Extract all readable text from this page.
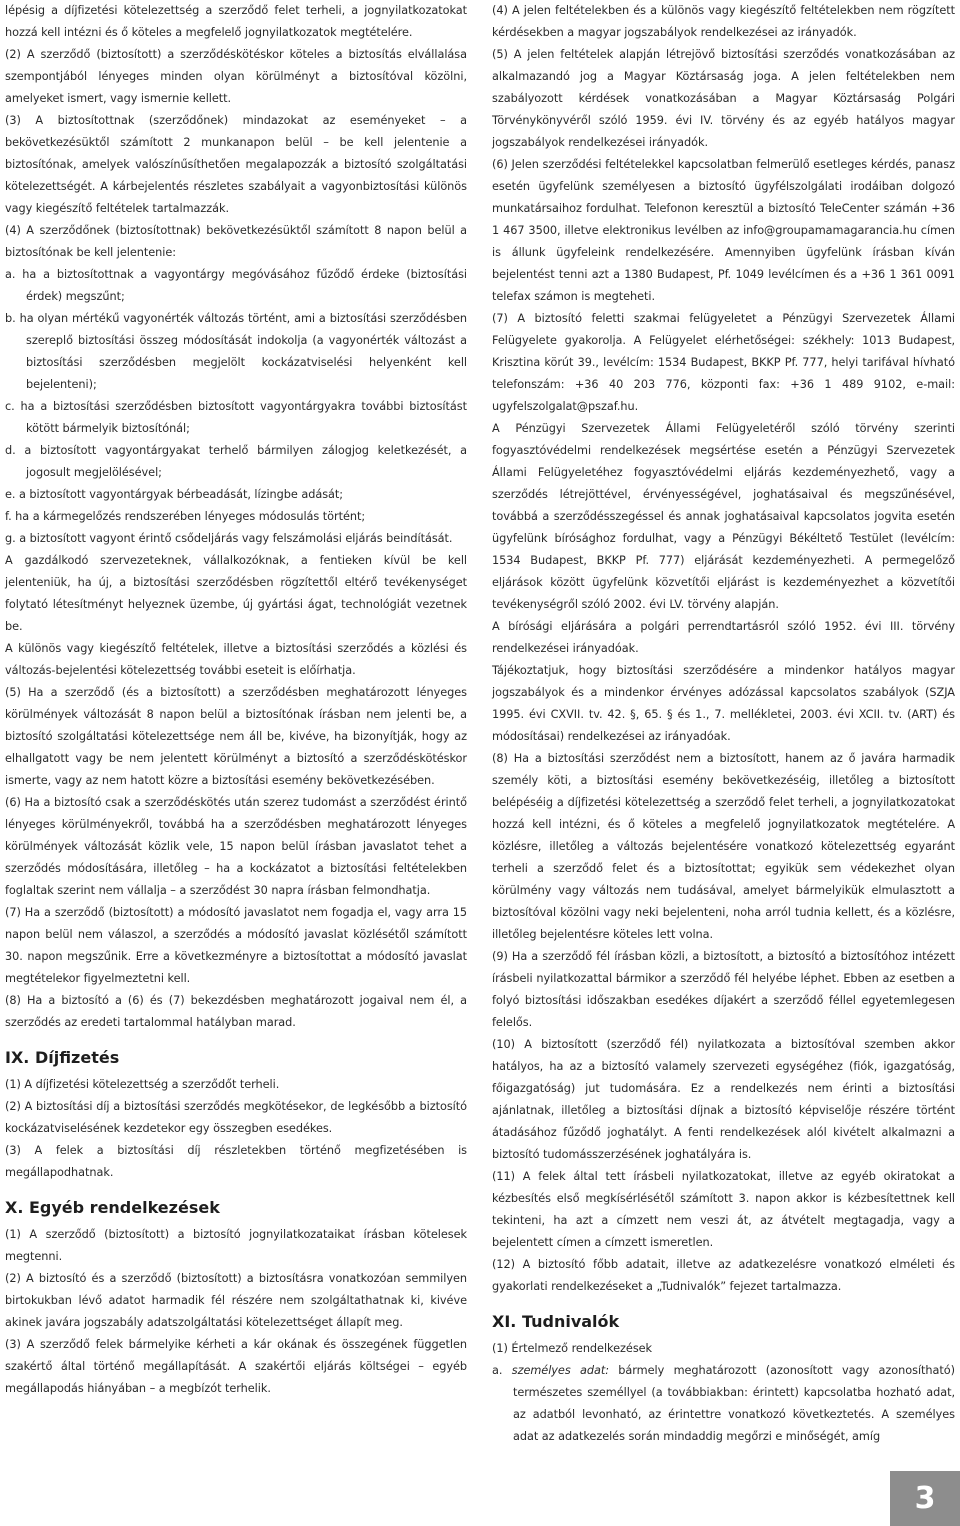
lépésig a díjfizetési kötelezettség a szerződő felet terheli, a jognyilatkozatokat hozzá kell intézni és ő köteles a megfelelő jognyilatkozatok megtételére.

(2) A szerződő (biztosított) a szerződéskötéskor köteles a biztosítás elvállalása szempontjából lényeges minden olyan körülményt a biztosítóval közölni, amelyeket ismert, vagy ismernie kellett.

(3) A biztosítottnak (szerződőnek) mindazokat az eseményeket – a bekövetkezésüktől számított 2 munkanapon belül – be kell jelentenie a biztosítónak, amelyek valószínűsíthetően megalapozzák a biztosító szolgáltatási kötelezettségét. A kárbejelentés részletes szabályait a vagyonbiztosítási különös vagy kiegészítő feltételek tartalmazzák.

(4) A szerződőnek (biztosítottnak) bekövetkezésüktől számított 8 napon belül a biztosítónak be kell jelentenie:

a. ha a biztosítottnak a vagyontárgy megóvásához fűződő érdeke (biztosítási érdek) megszűnt;

b. ha olyan mértékű vagyonérték változás történt, ami a biztosítási szerződésben szereplő biztosítási összeg módosítását indokolja (a vagyonérték változást a biztosítási szerződésben megjelölt kockázatviselési helyenként kell bejelenteni);

c. ha a biztosítási szerződésben biztosított vagyontárgyakra további biztosítást kötött bármelyik biztosítónál;

d. a biztosított vagyontárgyakat terhelő bármilyen zálogjog keletkezését, a jogosult megjelölésével;

e. a biztosított vagyontárgyak bérbeadását, lízingbe adását;

f. ha a kármegelőzés rendszerében lényeges módosulás történt;

g. a biztosított vagyont érintő csődeljárás vagy felszámolási eljárás beindítását.

A gazdálkodó szervezeteknek, vállalkozóknak, a fentieken kívül be kell jelenteniük, ha új, a biztosítási szerződésben rögzítettől eltérő tevékenységet folytató létesítményt helyeznek üzembe, új gyártási ágat, technológiát vezetnek be.

A különös vagy kiegészítő feltételek, illetve a biztosítási szerződés a közlési és változás-bejelentési kötelezettség további eseteit is előírhatja.

(5) Ha a szerződő (és a biztosított) a szerződésben meghatározott lényeges körülmények változását 8 napon belül a biztosítónak írásban nem jelenti be, a biztosító szolgáltatási kötelezettsége nem áll be, kivéve, ha bizonyítják, hogy az elhallgatott vagy be nem jelentett körülményt a biztosító a szerződéskötéskor ismerte, vagy az nem hatott közre a biztosítási esemény bekövetkezésében.

(6) Ha a biztosító csak a szerződéskötés után szerez tudomást a szerződést érintő lényeges körülményekről, továbbá ha a szerződésben meghatározott lényeges körülmények változását közlik vele, 15 napon belül írásban javaslatot tehet a szerződés módosítására, illetőleg – ha a kockázatot a biztosítási feltételekben foglaltak szerint nem vállalja – a szerződést 30 napra írásban felmondhatja.

(7) Ha a szerződő (biztosított) a módosító javaslatot nem fogadja el, vagy arra 15 napon belül nem válaszol, a szerződés a módosító javaslat közlésétől számított 30. napon megszűnik. Erre a következményre a biztosítottat a módosító javaslat megtételekor figyelmeztetni kell.

(8) Ha a biztosító a (6) és (7) bekezdésben meghatározott jogaival nem él, a szerződés az eredeti tartalommal hatályban marad.

IX. Díjfizetés

(1) A díjfizetési kötelezettség a szerződőt terheli.

(2) A biztosítási díj a biztosítási szerződés megkötésekor, de legkésőbb a biztosító kockázatviselésének kezdetekor egy összegben esedékes.

(3) A felek a biztosítási díj részletekben történő megfizetésében is megállapodhatnak.

X. Egyéb rendelkezések

(1) A szerződő (biztosított) a biztosító jognyilatkozataikat írásban kötelesek megtenni.

(2) A biztosító és a szerződő (biztosított) a biztosításra vonatkozóan semmilyen birtokukban lévő adatot harmadik fél részére nem szolgáltathatnak ki, kivéve akinek javára jogszabály adatszolgáltatási kötelezettséget állapít meg.

(3) A szerződő felek bármelyike kérheti a kár okának és összegének független szakértő által történő megállapítását. A szakértői eljárás költségei – egyéb megállapodás hiányában – a megbízót terhelik.

(4) A jelen feltételekben és a különös vagy kiegészítő feltételekben nem rögzített kérdésekben a magyar jogszabályok rendelkezései az irányadók.

(5) A jelen feltételek alapján létrejövő biztosítási szerződés vonatkozásában az alkalmazandó jog a Magyar Köztársaság joga. A jelen feltételekben nem szabályozott kérdések vonatkozásában a Magyar Köztársaság Polgári Törvénykönyvéről szóló 1959. évi IV. törvény és az egyéb hatályos magyar jogszabályok rendelkezései irányadók.

(6) Jelen szerződési feltételekkel kapcsolatban felmerülő esetleges kérdés, panasz esetén ügyfelünk személyesen a biztosító ügyfélszolgálati irodáiban dolgozó munkatársaihoz fordulhat. Telefonon keresztül a biztosító TeleCenter számán +36 1 467 3500, illetve elektronikus levélben az info@groupamamagarancia.hu címen is állunk ügyfeleink rendelkezésére. Amennyiben ügyfelünk írásban kíván bejelentést tenni azt a 1380 Budapest, Pf. 1049 levélcímen és a +36 1 361 0091 telefax számon is megteheti.

(7) A biztosító feletti szakmai felügyeletet a Pénzügyi Szervezetek Állami Felügyelete gyakorolja. A Felügyelet elérhetőségei: székhely: 1013 Budapest, Krisztina körút 39., levélcím: 1534 Budapest, BKKP Pf. 777, helyi tarifával hívható telefonszám: +36 40 203 776, központi fax: +36 1 489 9102, e-mail: ugyfelszolgalat@pszaf.hu.

A Pénzügyi Szervezetek Állami Felügyeletéről szóló törvény szerinti fogyasztóvédelmi rendelkezések megsértése esetén a Pénzügyi Szervezetek Állami Felügyeletéhez fogyasztóvédelmi eljárás kezdeményezhető, vagy a szerződés létrejöttével, érvényességével, joghatásaival és megszűnésével, továbbá a szerződésszegéssel és annak joghatásaival kapcsolatos jogvita esetén ügyfelünk bírósághoz fordulhat, vagy a Pénzügyi Békéltető Testület (levélcím: 1534 Budapest, BKKP Pf. 777) eljárását kezdeményezheti. A permegelőző eljárások között ügyfelünk közvetítői eljárást is kezdeményezhet a közvetítői tevékenységről szóló 2002. évi LV. törvény alapján.

A bírósági eljárására a polgári perrendtartásról szóló 1952. évi III. törvény rendelkezései irányadóak.

Tájékoztatjuk, hogy biztosítási szerződésére a mindenkor hatályos magyar jogszabályok és a mindenkor érvényes adózással kapcsolatos szabályok (SZJA 1995. évi CXVII. tv. 42. §, 65. § és 1., 7. mellékletei, 2003. évi XCII. tv. (ART) és módosításai) rendelkezései az irányadóak.

(8) Ha a biztosítási szerződést nem a biztosított, hanem az ő javára harmadik személy köti, a biztosítási esemény bekövetkezéséig, illetőleg a biztosított belépéséig a díjfizetési kötelezettség a szerződő felet terheli, a jognyilatkozatokat hozzá kell intézni, és ő köteles a megfelelő jognyilatkozatok megtételére. A közlésre, illetőleg a változás bejelentésére vonatkozó kötelezettség egyaránt terheli a szerződő felet és a biztosítottat; egyikük sem védekezhet olyan körülmény vagy változás nem tudásával, amelyet bármelyikük elmulasztott a biztosítóval közölni vagy neki bejelenteni, noha arról tudnia kellett, és a közlésre, illetőleg bejelentésre köteles lett volna.

(9) Ha a szerződő fél írásban közli, a biztosított, a biztosító a biztosítóhoz intézett írásbeli nyilatkozattal bármikor a szerződő fél helyébe léphet. Ebben az esetben a folyó biztosítási időszakban esedékes díjakért a szerződő féllel egyetemlegesen felelős.

(10) A biztosított (szerződő fél) nyilatkozata a biztosítóval szemben akkor hatályos, ha az a biztosító valamely szervezeti egységéhez (fiók, igazgatóság, főigazgatóság) jut tudomására. Ez a rendelkezés nem érinti a biztosítási ajánlatnak, illetőleg a biztosítási díjnak a biztosító képviselője részére történt átadásához fűződő joghatályt. A fenti rendelkezések alól kivételt alkalmazni a biztosító tudomásszerzésének joghatályára is.

(11) A felek által tett írásbeli nyilatkozatokat, illetve az egyéb okiratokat a kézbesítés első megkísérlésétől számított 3. napon akkor is kézbesítettnek kell tekinteni, ha azt a címzett nem veszi át, az átvételt megtagadja, vagy a bejelentett címen a címzett ismeretlen.

(12) A biztosító főbb adatait, illetve az adatkezelésre vonatkozó elméleti és gyakorlati rendelkezéseket a „Tudnivalók” fejezet tartalmazza.

XI. Tudnivalók

(1) Értelmező rendelkezések

a. személyes adat: bármely meghatározott (azonosított vagy azonosítható) természetes személlyel (a továbbiakban: érintett) kapcsolatba hozható adat, az adatból levonható, az érintettre vonatkozó következtetés. A személyes adat az adatkezelés során mindaddig megőrzi e minőségét, amíg

3
